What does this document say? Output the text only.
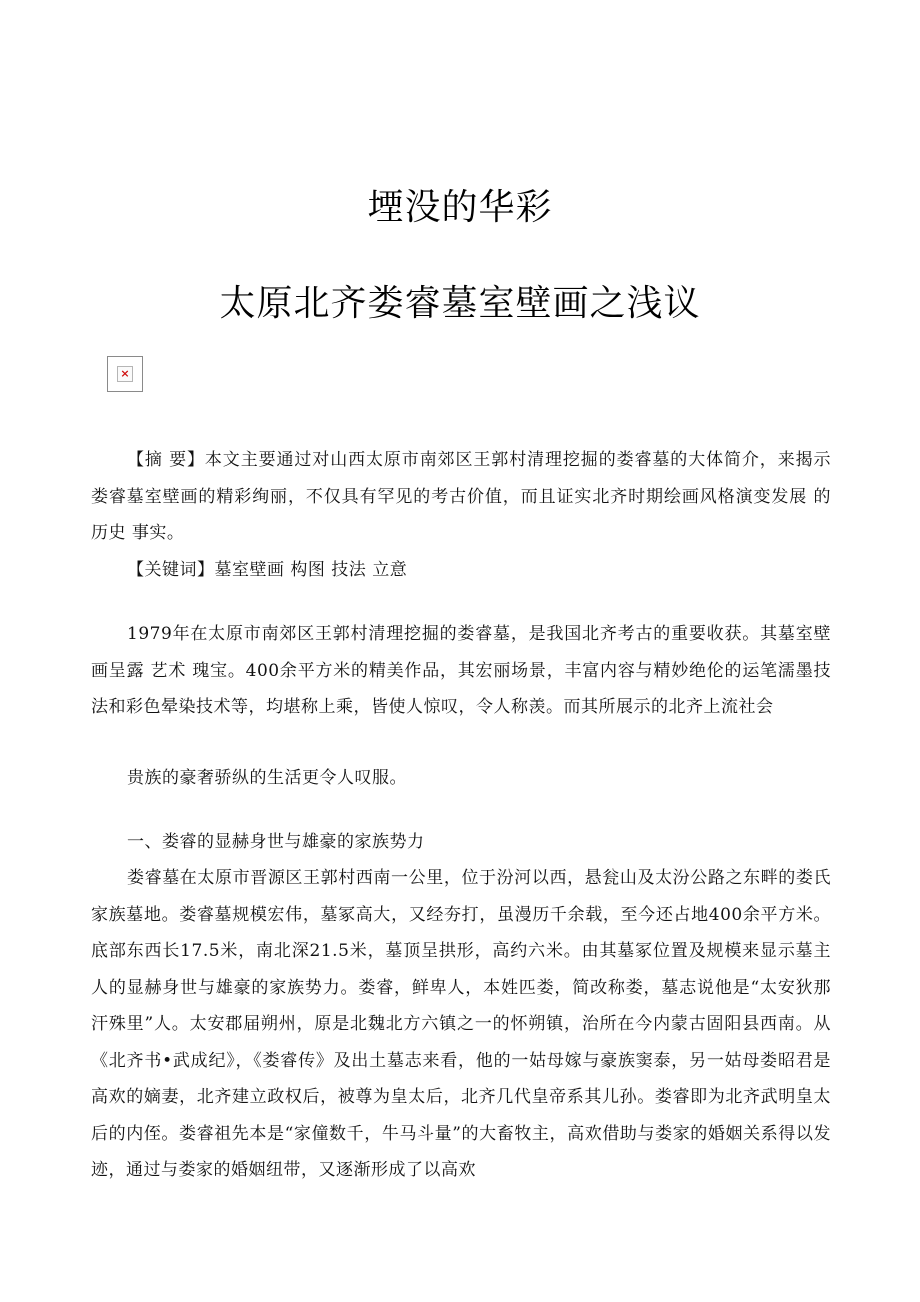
堙没的华彩
太原北齐娄睿墓室壁画之浅议
×

【摘 要】本文主要通过对山西太原市南郊区王郭村清理挖掘的娄睿墓的大体简介，来揭示娄睿墓室壁画的精彩绚丽，不仅具有罕见的考古价值，而且证实北齐时期绘画风格演变发展 的 历史 事实。

【关键词】墓室壁画 构图 技法 立意

1979年在太原市南郊区王郭村清理挖掘的娄睿墓，是我国北齐考古的重要收获。其墓室壁画呈露 艺术 瑰宝。400余平方米的精美作品，其宏丽场景，丰富内容与精妙绝伦的运笔濡墨技法和彩色晕染技术等，均堪称上乘，皆使人惊叹，令人称羡。而其所展示的北齐上流社会

贵族的豪奢骄纵的生活更令人叹服。

一、娄睿的显赫身世与雄豪的家族势力

娄睿墓在太原市晋源区王郭村西南一公里，位于汾河以西，悬瓮山及太汾公路之东畔的娄氏家族墓地。娄睿墓规模宏伟，墓冢高大，又经夯打，虽漫历千余载，至今还占地400余平方米。底部东西长17.5米，南北深21.5米，墓顶呈拱形，高约六米。由其墓冢位置及规模来显示墓主人的显赫身世与雄豪的家族势力。娄睿，鲜卑人，本姓匹娄，简改称娄，墓志说他是“太安狄那汗殊里”人。太安郡届朔州，原是北魏北方六镇之一的怀朔镇，治所在今内蒙古固阳县西南。从《北齐书•武成纪》，《娄睿传》及出土墓志来看，他的一姑母嫁与豪族窦泰，另一姑母娄昭君是高欢的嫡妻，北齐建立政权后，被尊为皇太后，北齐几代皇帝系其儿孙。娄睿即为北齐武明皇太后的内侄。娄睿祖先本是“家僮数千，牛马斗量”的大畜牧主，高欢借助与娄家的婚姻关系得以发迹，通过与娄家的婚姻纽带，又逐渐形成了以高欢
